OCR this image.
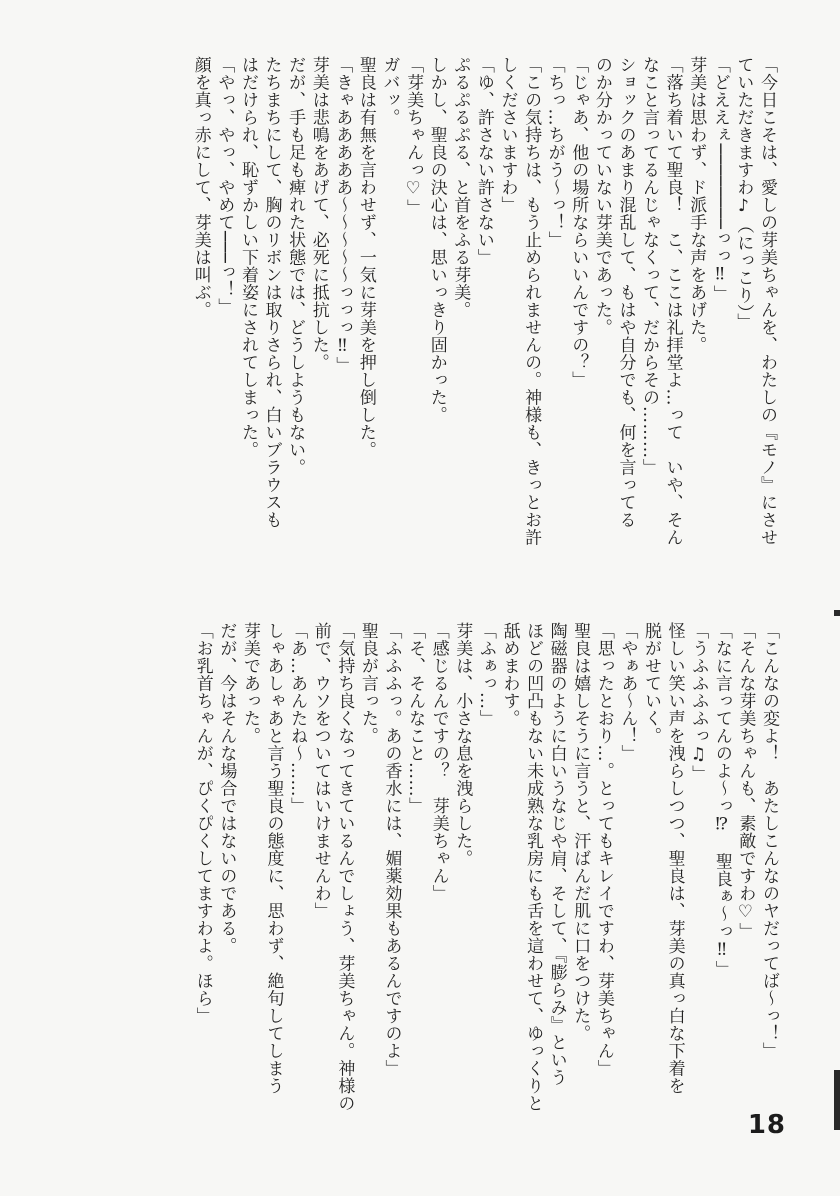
「今日こそは、愛しの芽美ちゃんを、わたしの『モノ』にさせ
ていただきますわ♪（にっこり）」
「どええぇ────────っっ‼」
芽美は思わず、ド派手な声をあげた。
「落ち着いて聖良！　こ、ここは礼拝堂よ…って　いや、そん
なこと言ってるんじゃなくって、だからその………」
ショックのあまり混乱して、もはや自分でも、何を言ってる
のか分かっていない芽美であった。
「じゃあ、他の場所ならいいんですの？」
「ちっ…ちがう〜っ！」
「この気持ちは、もう止められませんの。神様も、きっとお許
しくださいますわ」
「ゆ、許さない許さない」
ぷるぷるぷる、と首をふる芽美。
しかし、聖良の決心は、思いっきり固かった。
「芽美ちゃんっ♡」
ガバッ。
聖良は有無を言わせず、一気に芽美を押し倒した。
「きゃあああああ〜〜〜〜〜っっっ‼」
芽美は悲鳴をあげて、必死に抵抗した。
だが、手も足も痺れた状態では、どうしようもない。
たちまちにして、胸のリボンは取りさられ、白いブラウスも
はだけられ、恥ずかしい下着姿にされてしまった。
「やっ、やっ、やめて───っ！」
顔を真っ赤にして、芽美は叫ぶ。
「こんなの変よ！　あたしこんなのヤだってば〜っ！」
「そんな芽美ちゃんも、素敵ですわ♡」
「なに言ってんのよ〜っ⁉　聖良ぁ〜っ‼」
「うふふふふっ♫」
怪しい笑い声を洩らしつつ、聖良は、芽美の真っ白な下着を
脱がせていく。
「やぁあ〜ん！」
「思ったとおり…。とってもキレイですわ、芽美ちゃん」
聖良は嬉しそうに言うと、汗ばんだ肌に口をつけた。
陶磁器のように白いうなじや肩、そして、『膨らみ』という
ほどの凹凸もない未成熟な乳房にも舌を這わせて、ゆっくりと
舐めまわす。
「ふぁっ…」
芽美は、小さな息を洩らした。
「感じるんですの？　芽美ちゃん」
「そ、そんなこと……」
「ふふふっ。あの香水には、媚薬効果もあるんですのよ」
聖良が言った。
「気持ち良くなってきているんでしょう、芽美ちゃん。神様の
前で、ウソをついてはいけませんわ」
「あ…あんたね〜……」
しゃあしゃあと言う聖良の態度に、思わず、絶句してしまう
芽美であった。
だが、今はそんな場合ではないのである。
「お乳首ちゃんが、ぴくぴくしてますわよ。ほら」
18
